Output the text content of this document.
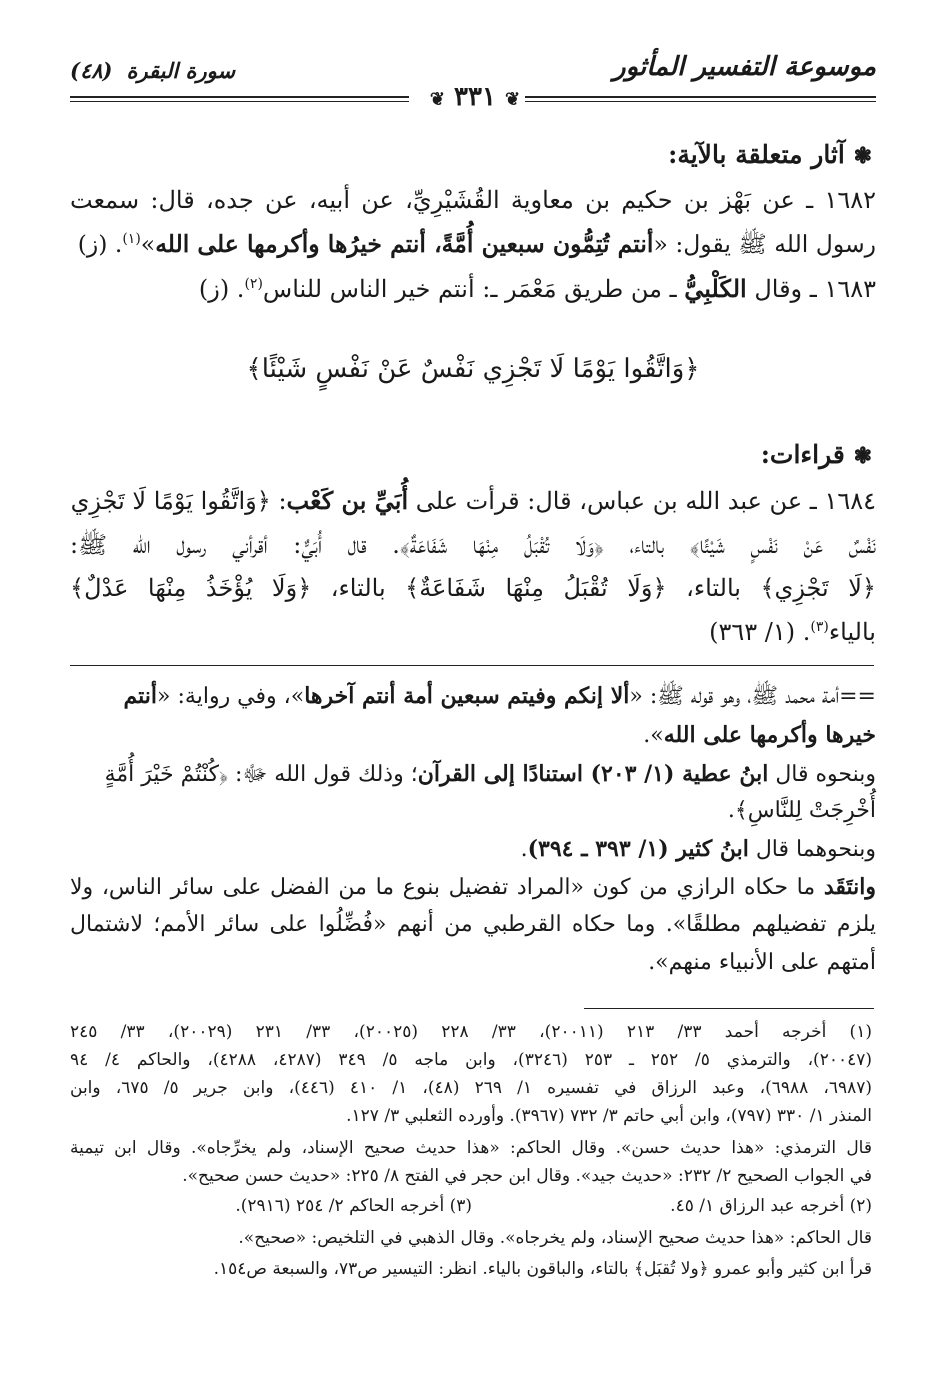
موسوعة التفسير المأثور
سورة البقرة(٤٨)
❦ ٣٣١ ❦
❃ آثار متعلقة بالآية:
١٦٨٢ ـ عن بَهْز بن حكيم بن معاوية القُشَيْرِيِّ، عن أبيه، عن جده، قال: سمعت
رسول الله ﷺ يقول: «أنتم تُتِمُّون سبعين أُمَّةً، أنتم خيرُها وأكرمها على الله»$^{(١)}$. (ز)
١٦٨٣ ـ وقال الكَلْبِيُّ ـ من طريق مَعْمَر ـ: أنتم خير الناس للناس$^{(٢)}$. (ز)
﴿وَاتَّقُوا يَوْمًا لَا تَجْزِي نَفْسٌ عَنْ نَفْسٍ شَيْئًا﴾
❃ قراءات:
١٦٨٤ ـ عن عبد الله بن عباس، قال: قرأت على أُبَيِّ بن كَعْب: ﴿وَاتَّقُوا يَوْمًا لَا تَجْزِي
نَفْسٌ عَنْ نَفْسٍ شَيْئًا﴾ بالتاء، ﴿وَلَا تُقْبَلُ مِنْهَا شَفَاعَةٌ﴾. قال أُبَيٌّ: أقرأني رسول الله ﷺ:
﴿لَا تَجْزِي﴾ بالتاء، ﴿وَلَا تُقْبَلُ مِنْهَا شَفَاعَةٌ﴾ بالتاء، ﴿وَلَا يُؤْخَذُ مِنْهَا عَدْلٌ﴾
بالياء$^{(٣)}$. (١/ ٣٦٣)
==أمة محمد ﷺ، وهو قوله ﷺ: «ألا إنكم وفيتم سبعين أمة أنتم آخرها»، وفي رواية: «أنتم
خيرها وأكرمها على الله».
وبنحوه قال ابنُ عطية (١/ ٢٠٣) استنادًا إلى القرآن؛ وذلك قول الله ﷻ: ﴿كُنْتُمْ خَيْرَ أُمَّةٍ
أُخْرِجَتْ لِلنَّاسِ﴾.
وبنحوهما قال ابنُ كثير (١/ ٣٩٣ ـ ٣٩٤).
وانتَقَد ما حكاه الرازي من كون «المراد تفضيل بنوع ما من الفضل على سائر الناس، ولا
يلزم تفضيلهم مطلقًا». وما حكاه القرطبي من أنهم «فُضِّلُوا على سائر الأمم؛ لاشتمال
أمتهم على الأنبياء منهم».
(١) أخرجه أحمد ٣٣/ ٢١٣ (٢٠٠١١)، ٣٣/ ٢٢٨ (٢٠٠٢٥)، ٣٣/ ٢٣١ (٢٠٠٢٩)، ٣٣/ ٢٤٥
(٢٠٠٤٧)، والترمذي ٥/ ٢٥٢ ـ ٢٥٣ (٣٢٤٦)، وابن ماجه ٥/ ٣٤٩ (٤٢٨٧، ٤٢٨٨)، والحاكم ٤/ ٩٤
(٦٩٨٧، ٦٩٨٨)، وعبد الرزاق في تفسيره ١/ ٢٦٩ (٤٨)، ١/ ٤١٠ (٤٤٦)، وابن جرير ٥/ ٦٧٥، وابن
المنذر ١/ ٣٣٠ (٧٩٧)، وابن أبي حاتم ٣/ ٧٣٢ (٣٩٦٧). وأورده الثعلبي ٣/ ١٢٧.
قال الترمذي: «هذا حديث حسن». وقال الحاكم: «هذا حديث صحيح الإسناد، ولم يخرِّجاه». وقال ابن تيمية
في الجواب الصحيح ٢/ ٢٣٢: «حديث جيد». وقال ابن حجر في الفتح ٨/ ٢٢٥: «حديث حسن صحيح».
(٢) أخرجه عبد الرزاق ١/ ٤٥.(٣) أخرجه الحاكم ٢/ ٢٥٤ (٢٩١٦).
قال الحاكم: «هذا حديث صحيح الإسناد، ولم يخرجاه». وقال الذهبي في التلخيص: «صحيح».
قرأ ابن كثير وأبو عمرو ﴿ولا تُقبَل﴾ بالتاء، والباقون بالياء. انظر: التيسير ص٧٣، والسبعة ص١٥٤.
